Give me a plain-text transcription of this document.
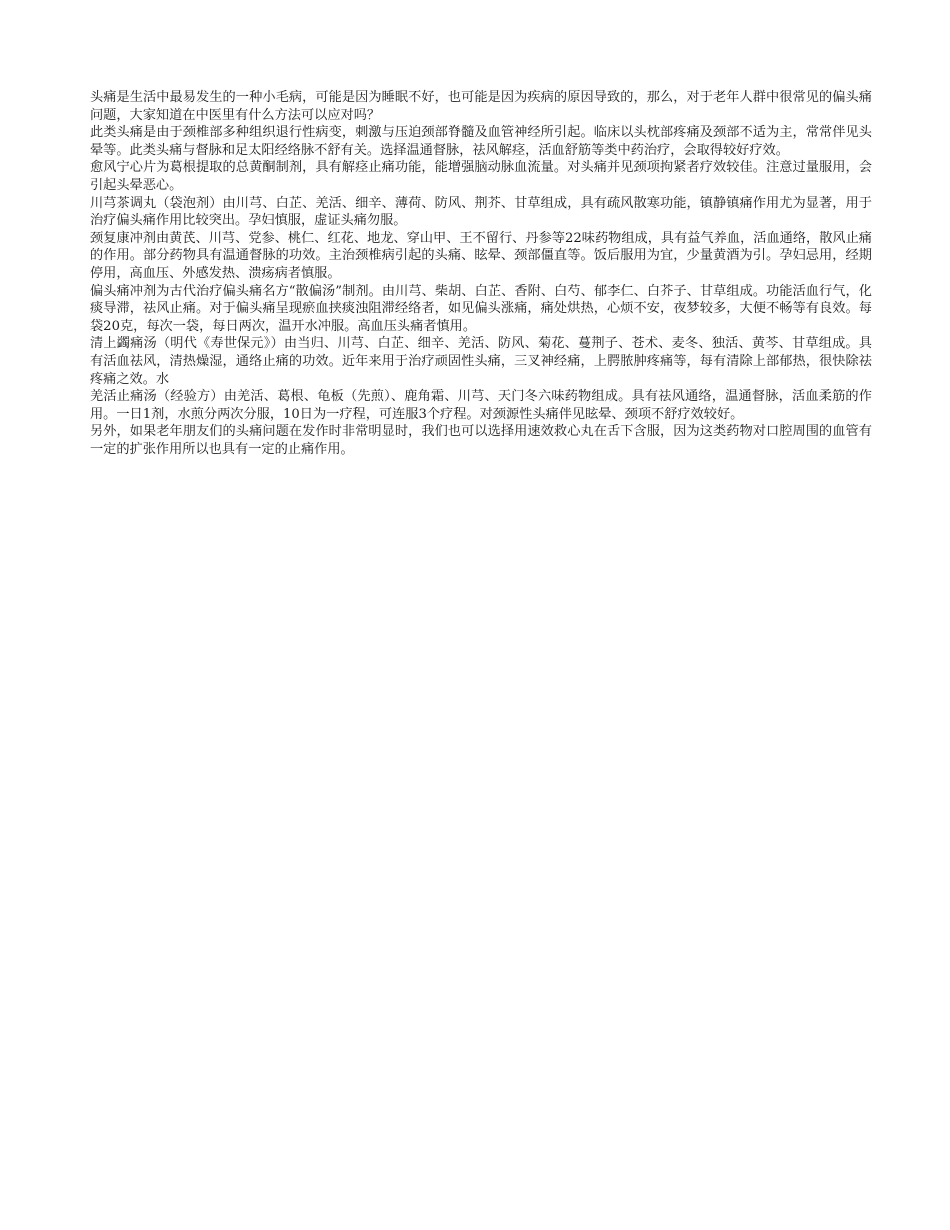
头痛是生活中最易发生的一种小毛病，可能是因为睡眠不好，也可能是因为疾病的原因导致的，那么，对于老年人群中很常见的偏头痛问题，大家知道在中医里有什么方法可以应对吗？

此类头痛是由于颈椎部多种组织退行性病变，刺激与压迫颈部脊髓及血管神经所引起。临床以头枕部疼痛及颈部不适为主，常常伴见头晕等。此类头痛与督脉和足太阳经络脉不舒有关。选择温通督脉，祛风解痉，活血舒筋等类中药治疗，会取得较好疗效。

愈风宁心片为葛根提取的总黄酮制剂，具有解痉止痛功能，能增强脑动脉血流量。对头痛并见颈项拘紧者疗效较佳。注意过量服用，会引起头晕恶心。

川芎茶调丸（袋泡剂）由川芎、白芷、羌活、细辛、薄荷、防风、荆芥、甘草组成，具有疏风散寒功能，镇静镇痛作用尤为显著，用于治疗偏头痛作用比较突出。孕妇慎服，虚证头痛勿服。

颈复康冲剂由黄芪、川芎、党参、桃仁、红花、地龙、穿山甲、王不留行、丹参等22味药物组成，具有益气养血，活血通络，散风止痛的作用。部分药物具有温通督脉的功效。主治颈椎病引起的头痛、眩晕、颈部僵直等。饭后服用为宜，少量黄酒为引。孕妇忌用，经期停用，高血压、外感发热、溃疡病者慎服。

偏头痛冲剂为古代治疗偏头痛名方“散偏汤”制剂。由川芎、柴胡、白芷、香附、白芍、郁李仁、白芥子、甘草组成。功能活血行气，化痰导滞，祛风止痛。对于偏头痛呈现瘀血挟痰浊阻滞经络者，如见偏头涨痛，痛处烘热，心烦不安，夜梦较多，大便不畅等有良效。每袋20克，每次一袋，每日两次，温开水冲服。高血压头痛者慎用。

清上蠲痛汤（明代《寿世保元》）由当归、川芎、白芷、细辛、羌活、防风、菊花、蔓荆子、苍术、麦冬、独活、黄芩、甘草组成。具有活血祛风，清热燥湿，通络止痛的功效。近年来用于治疗顽固性头痛，三叉神经痛，上腭脓肿疼痛等，每有清除上部郁热，很快除祛疼痛之效。水

羌活止痛汤（经验方）由羌活、葛根、龟板（先煎）、鹿角霜、川芎、天门冬六味药物组成。具有祛风通络，温通督脉，活血柔筋的作用。一日1剂，水煎分两次分服，10日为一疗程，可连服3个疗程。对颈源性头痛伴见眩晕、颈项不舒疗效较好。

另外，如果老年朋友们的头痛问题在发作时非常明显时，我们也可以选择用速效救心丸在舌下含服，因为这类药物对口腔周围的血管有一定的扩张作用所以也具有一定的止痛作用。
